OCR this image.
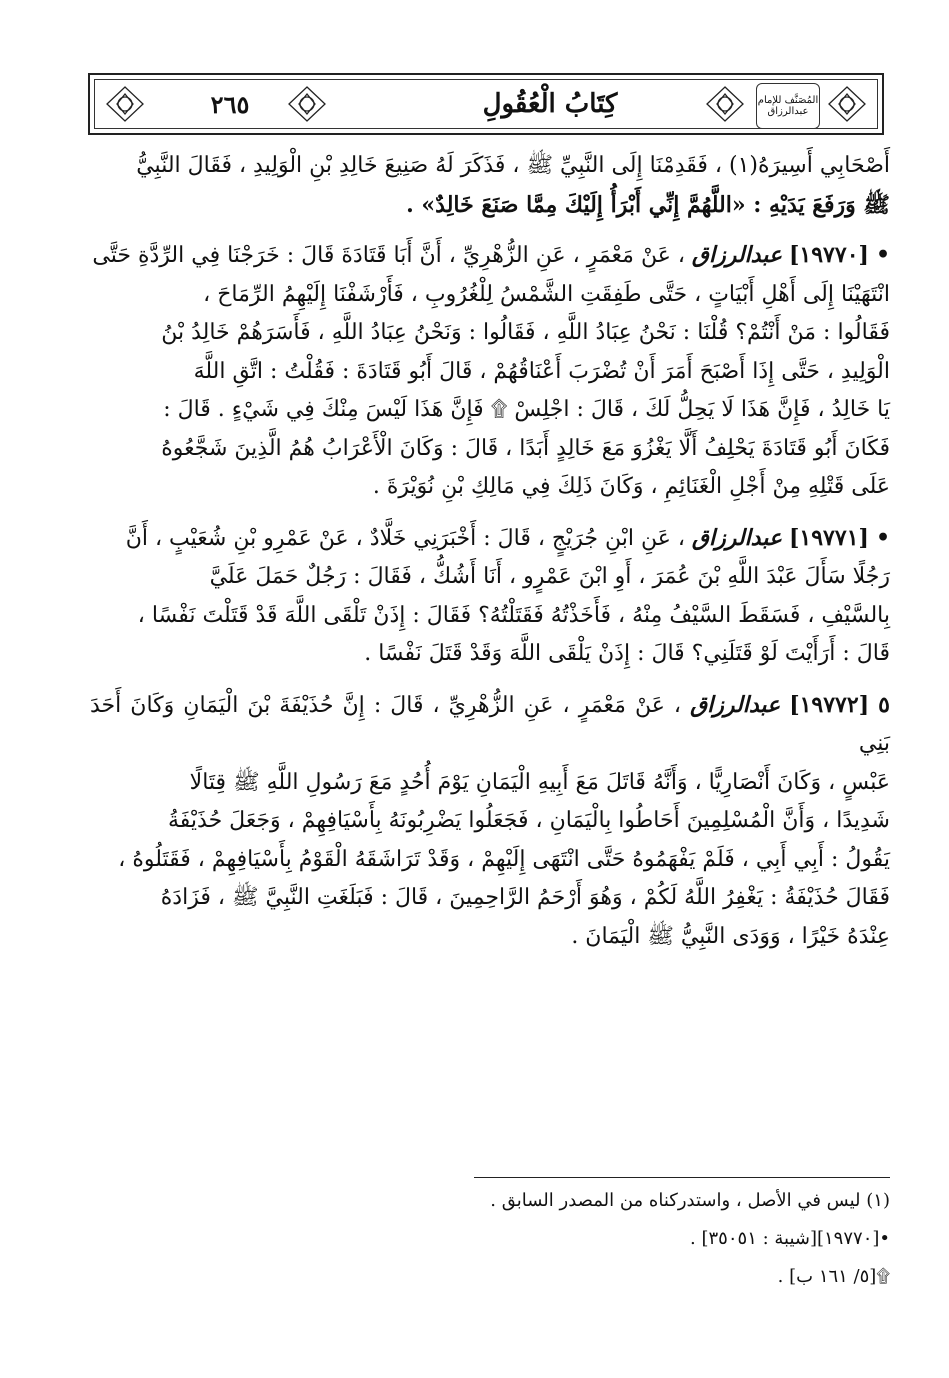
٢٦٥	كِتَابُ الْعُقُولِ	المُصَنَّف للإمام عبدالرزاق

أَصْحَابِي أَسِيرَهُ(١) ، فَقَدِمْنَا إِلَى النَّبِيِّ ﷺ ، فَذَكَرَ لَهُ صَنِيعَ خَالِدِ بْنِ الْوَلِيدِ ، فَقَالَ النَّبِيُّ

ﷺ وَرَفَعَ يَدَيْهِ : «اللَّهُمَّ إِنِّي أَبْرَأُ إِلَيْكَ مِمَّا صَنَعَ خَالِدٌ» .

• [١٩٧٧٠] عبدالرزاق ، عَنْ مَعْمَرٍ ، عَنِ الزُّهْرِيِّ ، أَنَّ أَبَا قَتَادَةَ قَالَ : خَرَجْنَا فِي الرِّدَّةِ حَتَّى

انْتَهَيْنَا إِلَى أَهْلِ أَبْيَاتٍ ، حَتَّى طَفِقَتِ الشَّمْسُ لِلْغُرُوبِ ، فَأَرْشَفْنَا إِلَيْهِمُ الرِّمَاحَ ،

فَقَالُوا : مَنْ أَنْتُمْ؟ قُلْنَا : نَحْنُ عِبَادُ اللَّهِ ، فَقَالُوا : وَنَحْنُ عِبَادُ اللَّهِ ، فَأَسَرَهُمْ خَالِدُ بْنُ

الْوَلِيدِ ، حَتَّى إِذَا أَصْبَحَ أَمَرَ أَنْ تُضْرَبَ أَعْنَاقُهُمْ ، قَالَ أَبُو قَتَادَةَ : فَقُلْتُ : اتَّقِ اللَّهَ

يَا خَالِدُ ، فَإِنَّ هَذَا لَا يَحِلُّ لَكَ ، قَالَ : اجْلِسْ ۩ فَإِنَّ هَذَا لَيْسَ مِنْكَ فِي شَيْءٍ . قَالَ :

فَكَانَ أَبُو قَتَادَةَ يَحْلِفُ أَلَّا يَغْزُوَ مَعَ خَالِدٍ أَبَدًا ، قَالَ : وَكَانَ الْأَعْرَابُ هُمُ الَّذِينَ شَجَّعُوهُ

عَلَى قَتْلِهِ مِنْ أَجْلِ الْغَنَائِمِ ، وَكَانَ ذَلِكَ فِي مَالِكِ بْنِ نُوَيْرَةَ .

• [١٩٧٧١] عبدالرزاق ، عَنِ ابْنِ جُرَيْجٍ ، قَالَ : أَخْبَرَنِي خَلَّادٌ ، عَنْ عَمْرِو بْنِ شُعَيْبٍ ، أَنَّ

رَجُلًا سَأَلَ عَبْدَ اللَّهِ بْنَ عُمَرَ ، أَوِ ابْنَ عَمْرٍو ، أَنَا أَشُكُّ ، فَقَالَ : رَجُلٌ حَمَلَ عَلَيَّ

بِالسَّيْفِ ، فَسَقَطَ السَّيْفُ مِنْهُ ، فَأَخَذْتُهُ فَقَتَلْتُهُ؟ فَقَالَ : إِذَنْ تَلْقَى اللَّهَ قَدْ قَتَلْتَ نَفْسًا ،

قَالَ : أَرَأَيْتَ لَوْ قَتَلَنِي؟ قَالَ : إِذَنْ يَلْقَى اللَّهَ وَقَدْ قَتَلَ نَفْسًا .

٥ [١٩٧٧٢] عبدالرزاق ، عَنْ مَعْمَرٍ ، عَنِ الزُّهْرِيِّ ، قَالَ : إِنَّ حُذَيْفَةَ بْنَ الْيَمَانِ وَكَانَ أَحَدَ بَنِي

عَبْسٍ ، وَكَانَ أَنْصَارِيًّا ، وَأَنَّهُ قَاتَلَ مَعَ أَبِيهِ الْيَمَانِ يَوْمَ أُحُدٍ مَعَ رَسُولِ اللَّهِ ﷺ قِتَالًا

شَدِيدًا ، وَأَنَّ الْمُسْلِمِينَ أَحَاطُوا بِالْيَمَانِ ، فَجَعَلُوا يَضْرِبُونَهُ بِأَسْيَافِهِمْ ، وَجَعَلَ حُذَيْفَةُ

يَقُولُ : أَبِي أَبِي ، فَلَمْ يَفْهَمُوهُ حَتَّى انْتَهَى إِلَيْهِمْ ، وَقَدْ تَرَاشَقَهُ الْقَوْمُ بِأَسْيَافِهِمْ ، فَقَتَلُوهُ ،

فَقَالَ حُذَيْفَةُ : يَغْفِرُ اللَّهُ لَكُمْ ، وَهُوَ أَرْحَمُ الرَّاحِمِينَ ، قَالَ : فَبَلَغَتِ النَّبِيَّ ﷺ ، فَزَادَهُ

عِنْدَهُ خَيْرًا ، وَوَدَى النَّبِيُّ ﷺ الْيَمَانَ .

(١) ليس في الأصل ، واستدركناه من المصدر السابق .

•[١٩٧٧٠][شيبة : ٣٥٠٥١] .

۩[٥/ ١٦١ ب] .
